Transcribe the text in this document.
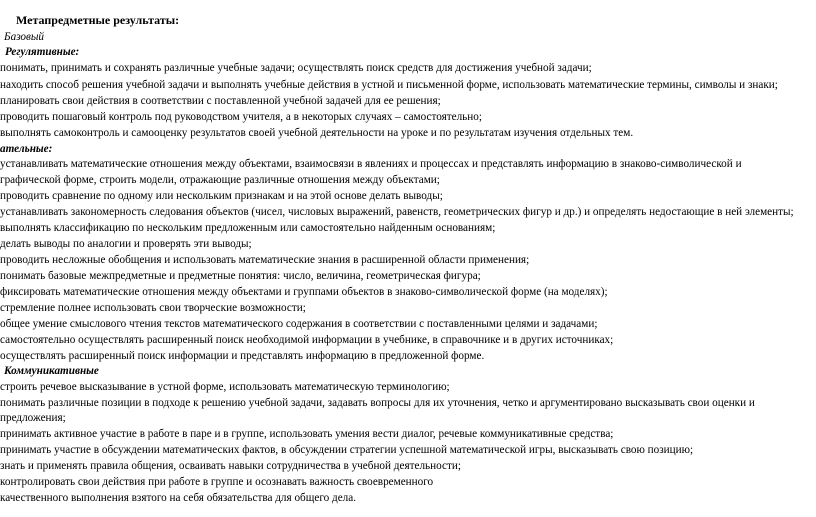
Метапредметные результаты:
Базовый
Регулятивные:
понимать, принимать и сохранять различные учебные задачи; осуществлять поиск средств для достижения учебной задачи;
находить способ решения учебной задачи и выполнять учебные действия в устной и письменной форме, использовать математические термины, символы и знаки;
планировать свои действия в соответствии с поставленной учебной задачей для ее решения;
проводить пошаговый контроль под руководством учителя, а в некоторых случаях – самостоятельно;
выполнять самоконтроль и самооценку результатов своей учебной деятельности на уроке и по результатам изучения отдельных тем.
ательные:
устанавливать математические отношения между объектами, взаимосвязи в явлениях и процессах и представлять информацию в знаково-символической и
графической форме, строить модели, отражающие различные отношения между объектами;
проводить сравнение по одному или нескольким признакам и на этой основе делать выводы;
устанавливать закономерность следования объектов (чисел, числовых выражений, равенств, геометрических фигур и др.) и определять недостающие в ней элементы;
выполнять классификацию по нескольким предложенным или самостоятельно найденным основаниям;
делать выводы по аналогии и проверять эти выводы;
проводить несложные обобщения и использовать математические знания в расширенной области применения;
понимать базовые межпредметные и предметные понятия: число, величина, геометрическая фигура;
фиксировать математические отношения между объектами и группами объектов в знаково-символической форме (на моделях);
стремление полнее использовать свои творческие возможности;
общее умение смыслового чтения текстов математического содержания в соответствии с поставленными целями и задачами;
самостоятельно осуществлять расширенный поиск необходимой информации в учебнике, в справочнике и в других источниках;
осуществлять расширенный поиск информации и представлять информацию в предложенной форме.
Коммуникативные
строить речевое высказывание в устной форме, использовать математическую терминологию;
понимать различные позиции в подходе к решению учебной задачи, задавать вопросы для их уточнения, четко и аргументировано высказывать свои оценки и
предложения;
принимать активное участие в работе в паре и в группе, использовать умения вести диалог, речевые коммуникативные средства;
принимать участие в обсуждении математических фактов, в обсуждении стратегии успешной математической игры, высказывать свою позицию;
знать и применять правила общения, осваивать навыки сотрудничества в учебной деятельности;
контролировать свои действия при работе в группе и осознавать важность своевременного
качественного выполнения взятого на себя обязательства для общего дела.
